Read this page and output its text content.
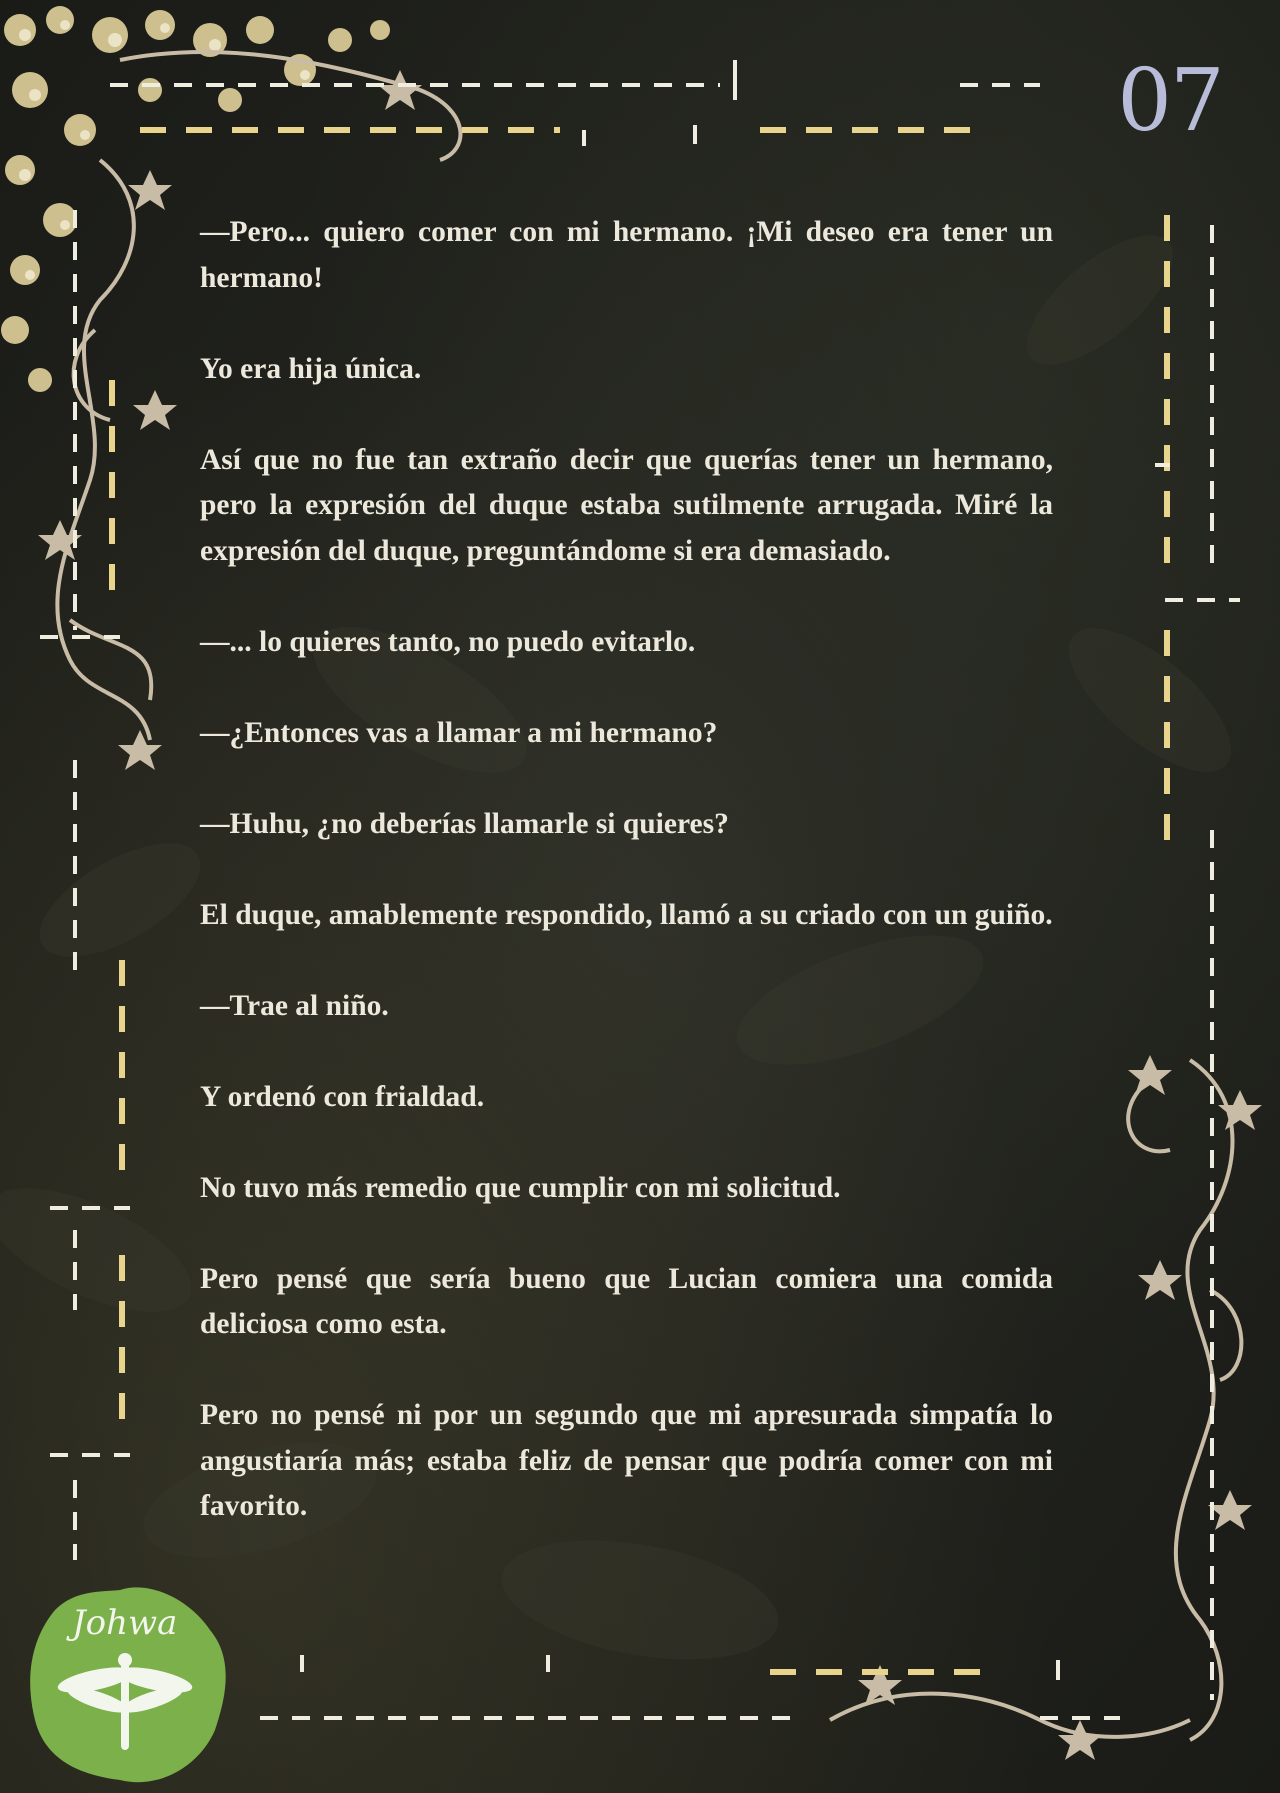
07
Johwa

—Pero... quiero comer con mi hermano. ¡Mi deseo era tener un hermano!

Yo era hija única.

Así que no fue tan extraño decir que querías tener un hermano, pero la expresión del duque estaba sutilmente arrugada. Miré la expresión del duque, preguntándome si era demasiado.

—... lo quieres tanto, no puedo evitarlo.

—¿Entonces vas a llamar a mi hermano?

—Huhu, ¿no deberías llamarle si quieres?

El duque, amablemente respondido, llamó a su criado con un guiño.

—Trae al niño.

Y ordenó con frialdad.

No tuvo más remedio que cumplir con mi solicitud.

Pero pensé que sería bueno que Lucian comiera una comida deliciosa como esta.

Pero no pensé ni por un segundo que mi apresurada simpatía lo angustiaría más; estaba feliz de pensar que podría comer con mi favorito.
